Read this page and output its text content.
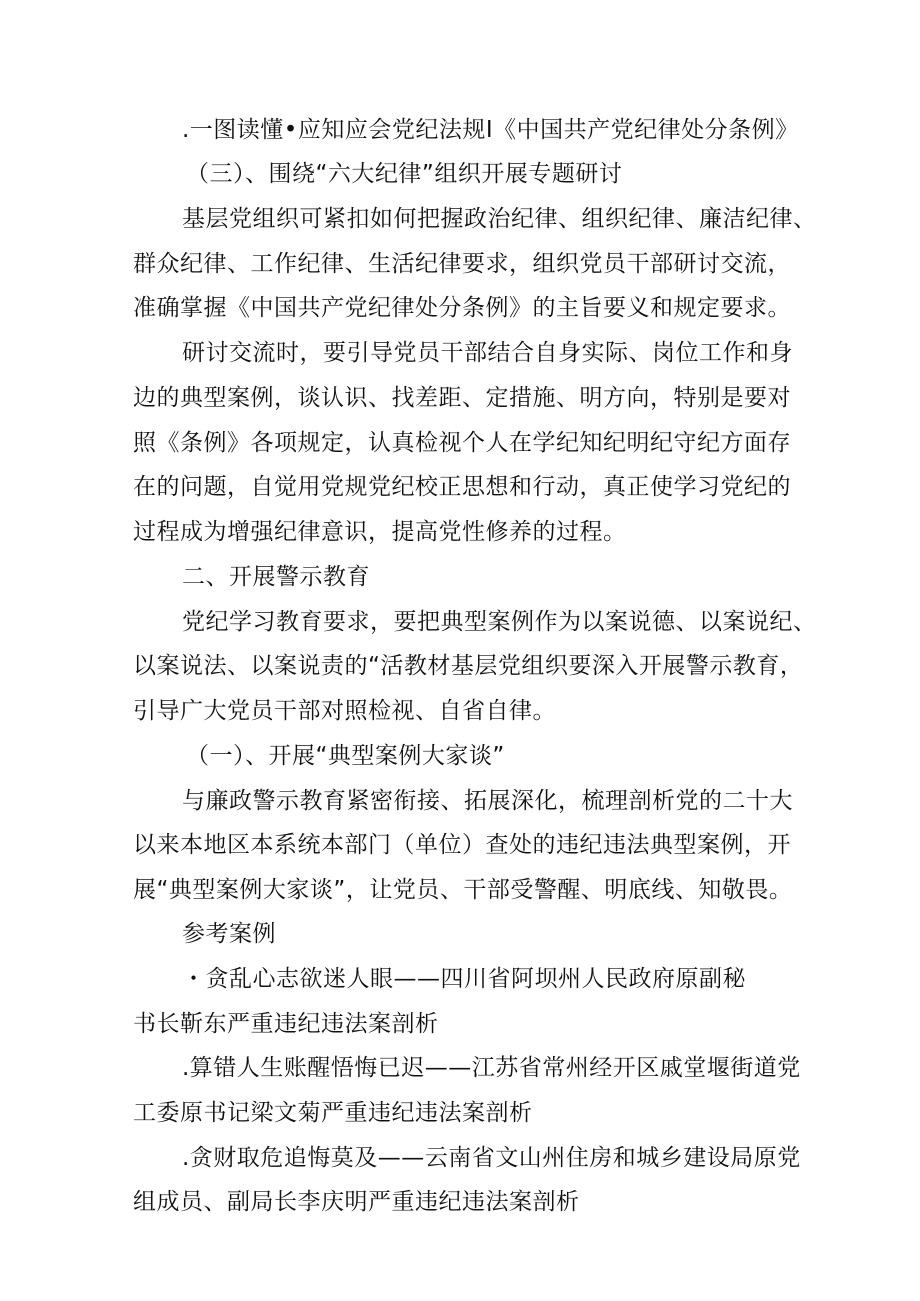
.一图读懂•应知应会党纪法规Ⅰ《中国共产党纪律处分条例》
（三）、围绕“六大纪律”组织开展专题研讨
基层党组织可紧扣如何把握政治纪律、组织纪律、廉洁纪律、
群众纪律、工作纪律、生活纪律要求，组织党员干部研讨交流，
准确掌握《中国共产党纪律处分条例》的主旨要义和规定要求。
研讨交流时，要引导党员干部结合自身实际、岗位工作和身
边的典型案例，谈认识、找差距、定措施、明方向，特别是要对
照《条例》各项规定，认真检视个人在学纪知纪明纪守纪方面存
在的问题，自觉用党规党纪校正思想和行动，真正使学习党纪的
过程成为增强纪律意识，提高党性修养的过程。
二、开展警示教育
党纪学习教育要求，要把典型案例作为以案说德、以案说纪、
以案说法、以案说责的“活教材基层党组织要深入开展警示教育，
引导广大党员干部对照检视、自省自律。
（一）、开展“典型案例大家谈”
与廉政警示教育紧密衔接、拓展深化，梳理剖析党的二十大
以来本地区本系统本部门（单位）查处的违纪违法典型案例，开
展“典型案例大家谈”，让党员、干部受警醒、明底线、知敬畏。
参考案例
・贪乱心志欲迷人眼——四川省阿坝州人民政府原副秘
书长靳东严重违纪违法案剖析
.算错人生账醒悟悔已迟——江苏省常州经开区戚堂堰街道党
工委原书记梁文菊严重违纪违法案剖析
.贪财取危追悔莫及——云南省文山州住房和城乡建设局原党
组成员、副局长李庆明严重违纪违法案剖析
